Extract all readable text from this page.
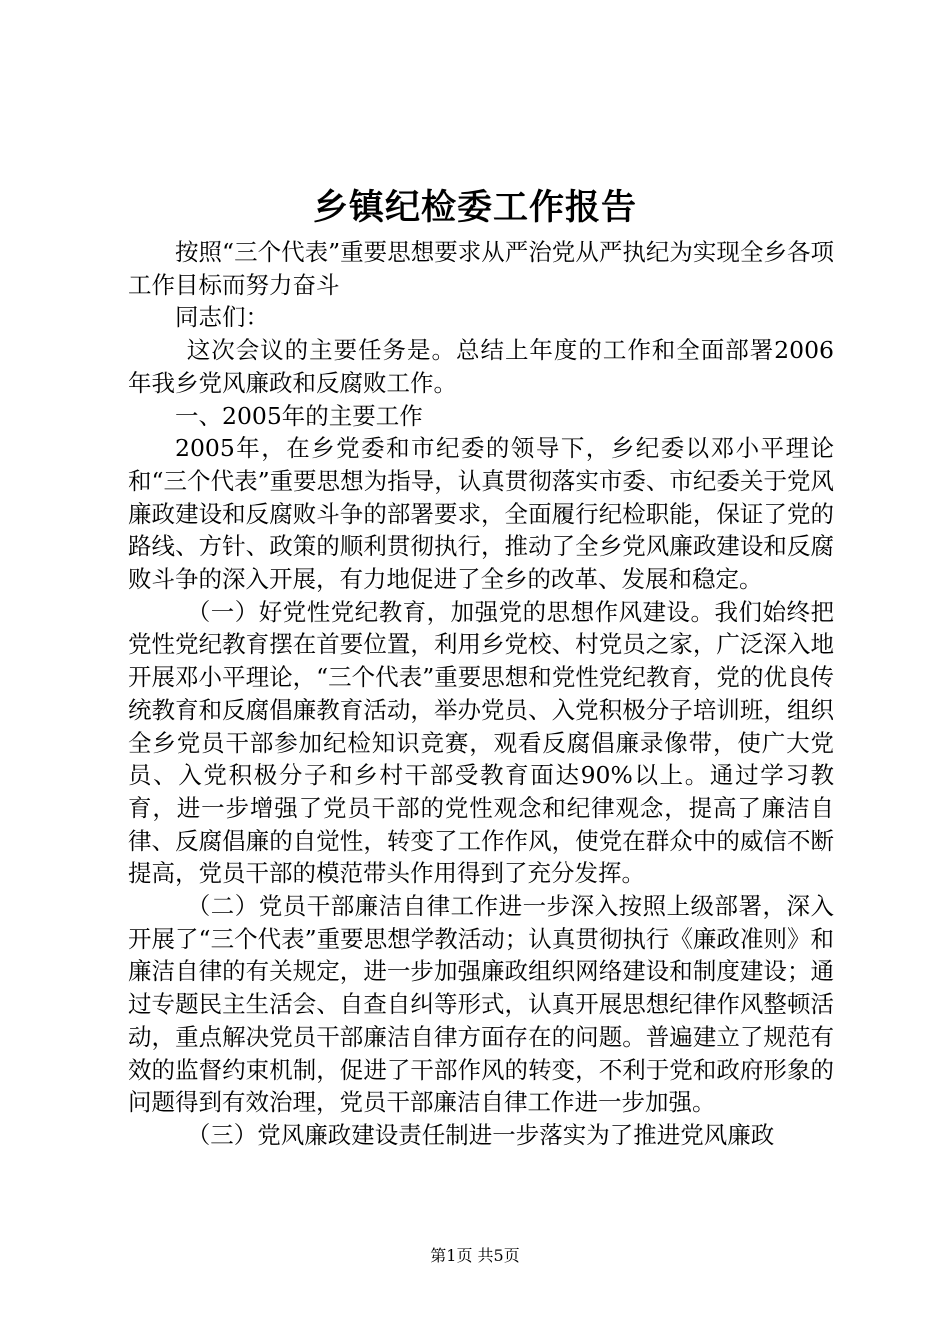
乡镇纪检委工作报告

按照“三个代表”重要思想要求从严治党从严执纪为实现全乡各项工作目标而努力奋斗

同志们：

这次会议的主要任务是。总结上年度的工作和全面部署2006年我乡党风廉政和反腐败工作。

一、2005年的主要工作

2005年，在乡党委和市纪委的领导下，乡纪委以邓小平理论和“三个代表”重要思想为指导，认真贯彻落实市委、市纪委关于党风廉政建设和反腐败斗争的部署要求，全面履行纪检职能，保证了党的路线、方针、政策的顺利贯彻执行，推动了全乡党风廉政建设和反腐败斗争的深入开展，有力地促进了全乡的改革、发展和稳定。

（一）好党性党纪教育，加强党的思想作风建设。我们始终把党性党纪教育摆在首要位置，利用乡党校、村党员之家，广泛深入地开展邓小平理论，“三个代表”重要思想和党性党纪教育，党的优良传统教育和反腐倡廉教育活动，举办党员、入党积极分子培训班，组织全乡党员干部参加纪检知识竞赛，观看反腐倡廉录像带，使广大党员、入党积极分子和乡村干部受教育面达90%以上。通过学习教育，进一步增强了党员干部的党性观念和纪律观念，提高了廉洁自律、反腐倡廉的自觉性，转变了工作作风，使党在群众中的威信不断提高，党员干部的模范带头作用得到了充分发挥。

（二）党员干部廉洁自律工作进一步深入按照上级部署，深入开展了“三个代表”重要思想学教活动；认真贯彻执行《廉政准则》和廉洁自律的有关规定，进一步加强廉政组织网络建设和制度建设；通过专题民主生活会、自查自纠等形式，认真开展思想纪律作风整顿活动，重点解决党员干部廉洁自律方面存在的问题。普遍建立了规范有效的监督约束机制，促进了干部作风的转变，不利于党和政府形象的问题得到有效治理，党员干部廉洁自律工作进一步加强。

（三）党风廉政建设责任制进一步落实为了推进党风廉政

第1页 共5页
